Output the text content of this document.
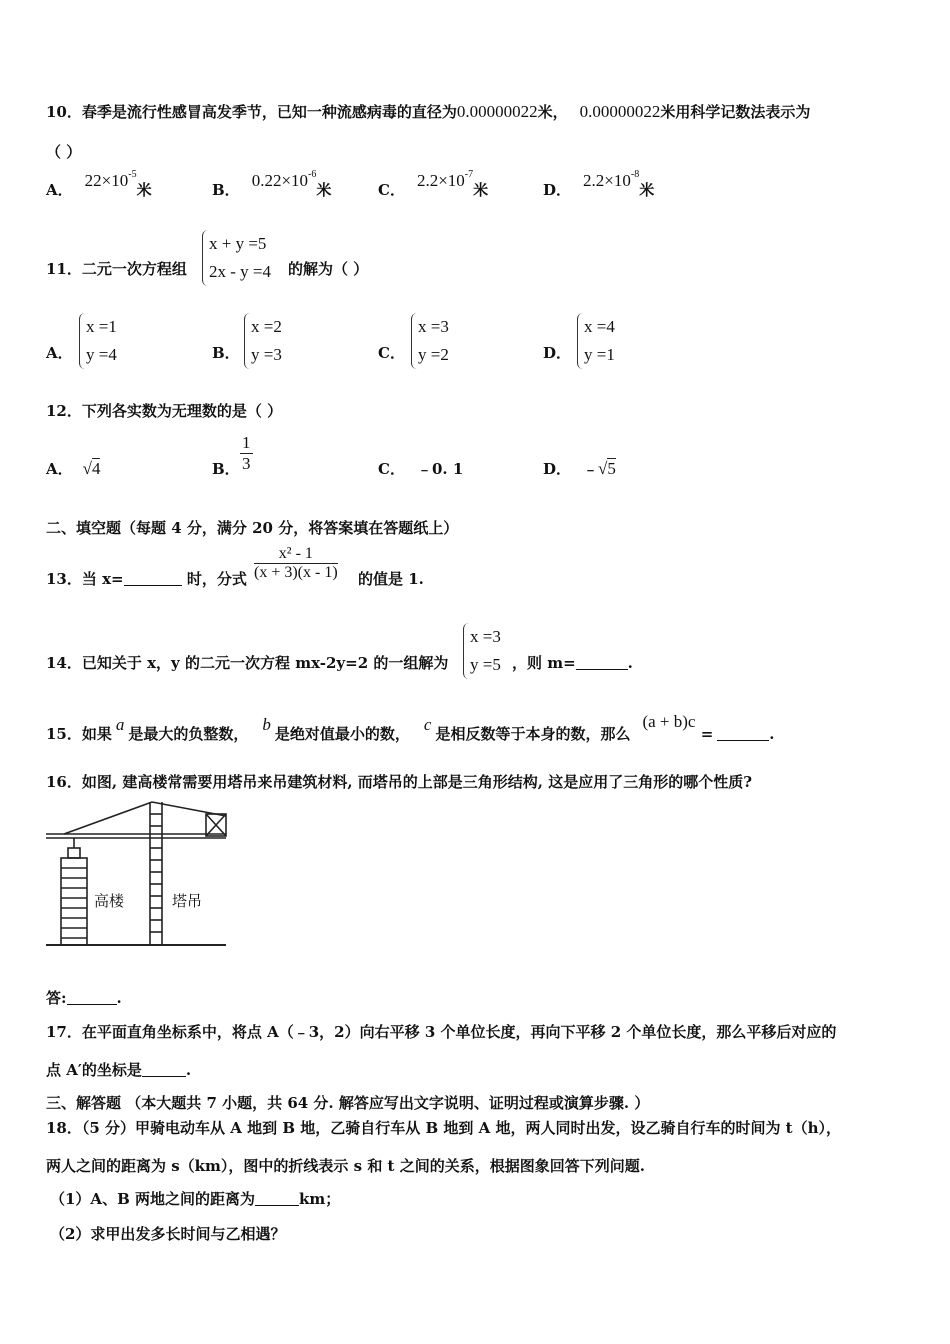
10．春季是流行性感冒高发季节，已知一种流感病毒的直径为0.00000022米， 0.00000022米用科学记数法表示为
（ ）
A． $22\times 10^{-5}$米	B． $0.22\times 10^{-6}$米	C． $2.2\times 10^{-7}$米	D． $2.2\times 10^{-8}$米
11．二元一次方程组
x + y =5
2x - y =4 的解为（ ）
A．
x =1
y =4	B．
x =2
y =3	C．
x =3
y =2	D．
x =4
y =1
12．下列各实数为无理数的是（ ）
A． √4	B． $\frac{1}{3}$	C． ﹣0. 1	D． ﹣√5
二、填空题（每题 4 分，满分 20 分，将答案填在答题纸上）
13．当 x=	时，分式 $\frac{\text{x² - 1}}{(x + 3)(x - 1)}$ 的值是 1.
14．已知关于 x，y 的二元一次方程 mx-2y=2 的一组解为
x =3
y =5 ，则 m=	.
15．如果 a 是最大的负整数， b 是绝对值最小的数， c 是相反数等于本身的数，那么(a + b)c =	.
16．如图, 建高楼常需要用塔吊来吊建筑材料, 而塔吊的上部是三角形结构, 这是应用了三角形的哪个性质?
高楼	塔吊
答:	.
17．在平面直角坐标系中，将点 A（﹣3，2）向右平移 3 个单位长度，再向下平移 2 个单位长度，那么平移后对应的
点 A′的坐标是	.
三、解答题 （本大题共 7 小题，共 64 分. 解答应写出文字说明、证明过程或演算步骤. ）
18．（5 分）甲骑电动车从 A 地到 B 地，乙骑自行车从 B 地到 A 地，两人同时出发，设乙骑自行车的时间为 t（h），
两人之间的距离为 s（km），图中的折线表示 s 和 t 之间的关系，根据图象回答下列问题.
（1）A、B 两地之间的距离为	km；
（2）求甲出发多长时间与乙相遇？
